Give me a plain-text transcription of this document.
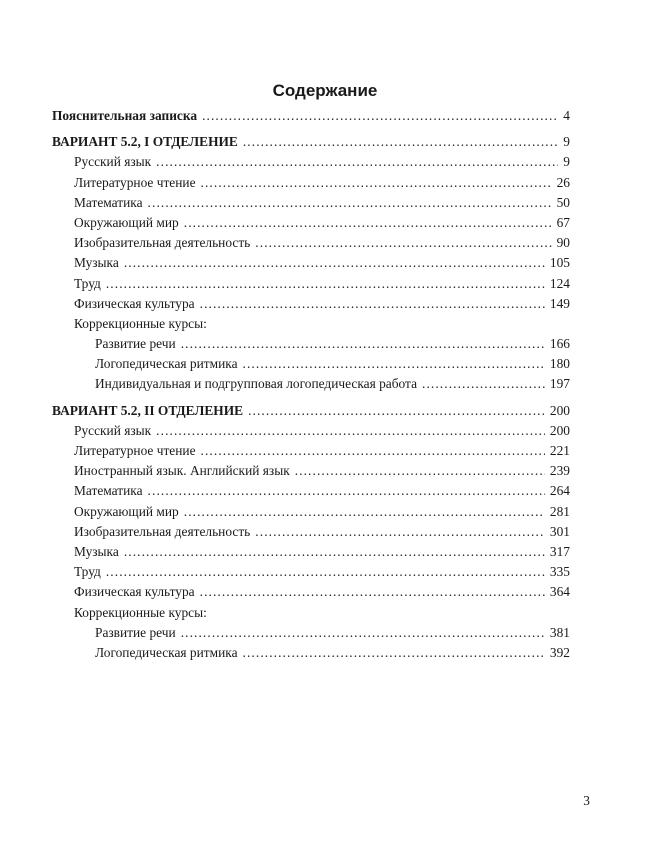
Содержание
Пояснительная записка .....	4
ВАРИАНТ 5.2, I ОТДЕЛЕНИЕ .....	9
Русский язык .....	9
Литературное чтение .....	26
Математика .....	50
Окружающий мир .....	67
Изобразительная деятельность .....	90
Музыка .....	105
Труд .....	124
Физическая культура .....	149
Коррекционные курсы:
Развитие речи .....	166
Логопедическая ритмика .....	180
Индивидуальная и подгрупповая логопедическая работа .....	197
ВАРИАНТ 5.2, II ОТДЕЛЕНИЕ .....	200
Русский язык .....	200
Литературное чтение .....	221
Иностранный язык. Английский язык .....	239
Математика .....	264
Окружающий мир .....	281
Изобразительная деятельность .....	301
Музыка .....	317
Труд .....	335
Физическая культура .....	364
Коррекционные курсы:
Развитие речи .....	381
Логопедическая ритмика .....	392
3
